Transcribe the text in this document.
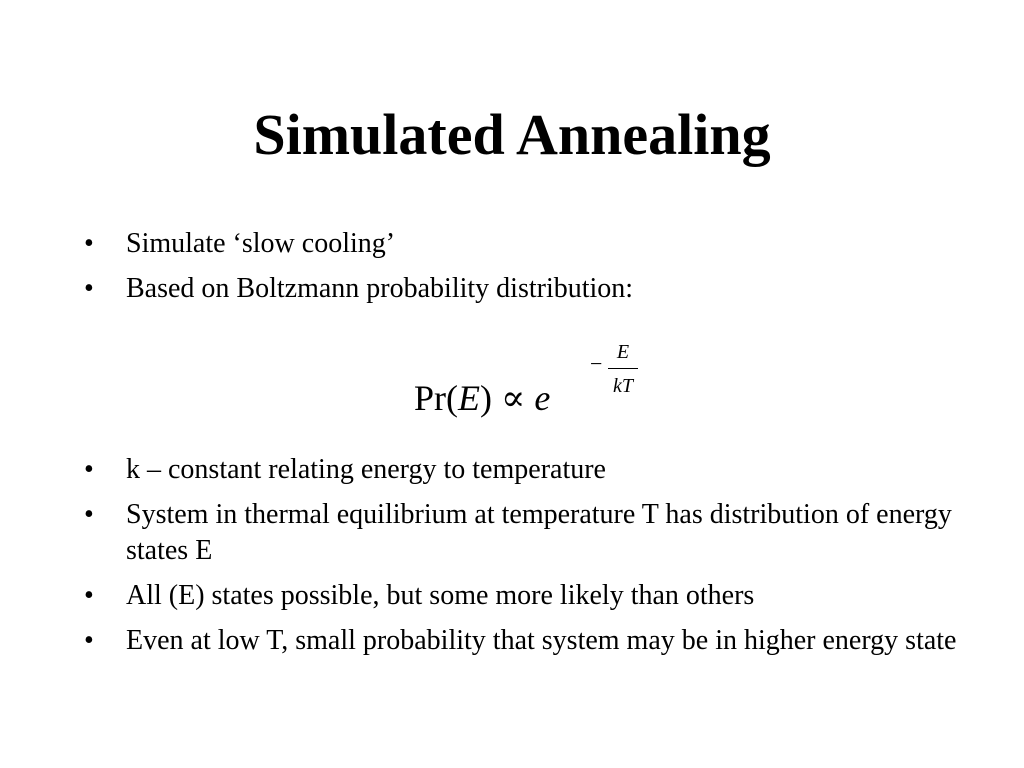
Simulated Annealing
• Simulate ‘slow cooling’
• Based on Boltzmann probability distribution:
Pr(E) ∝ e
− E
kT
• k – constant relating energy to temperature
• System in thermal equilibrium at temperature T has distribution of energy states E
• All (E) states possible, but some more likely than others
• Even at low T, small probability that system may be in higher energy state
